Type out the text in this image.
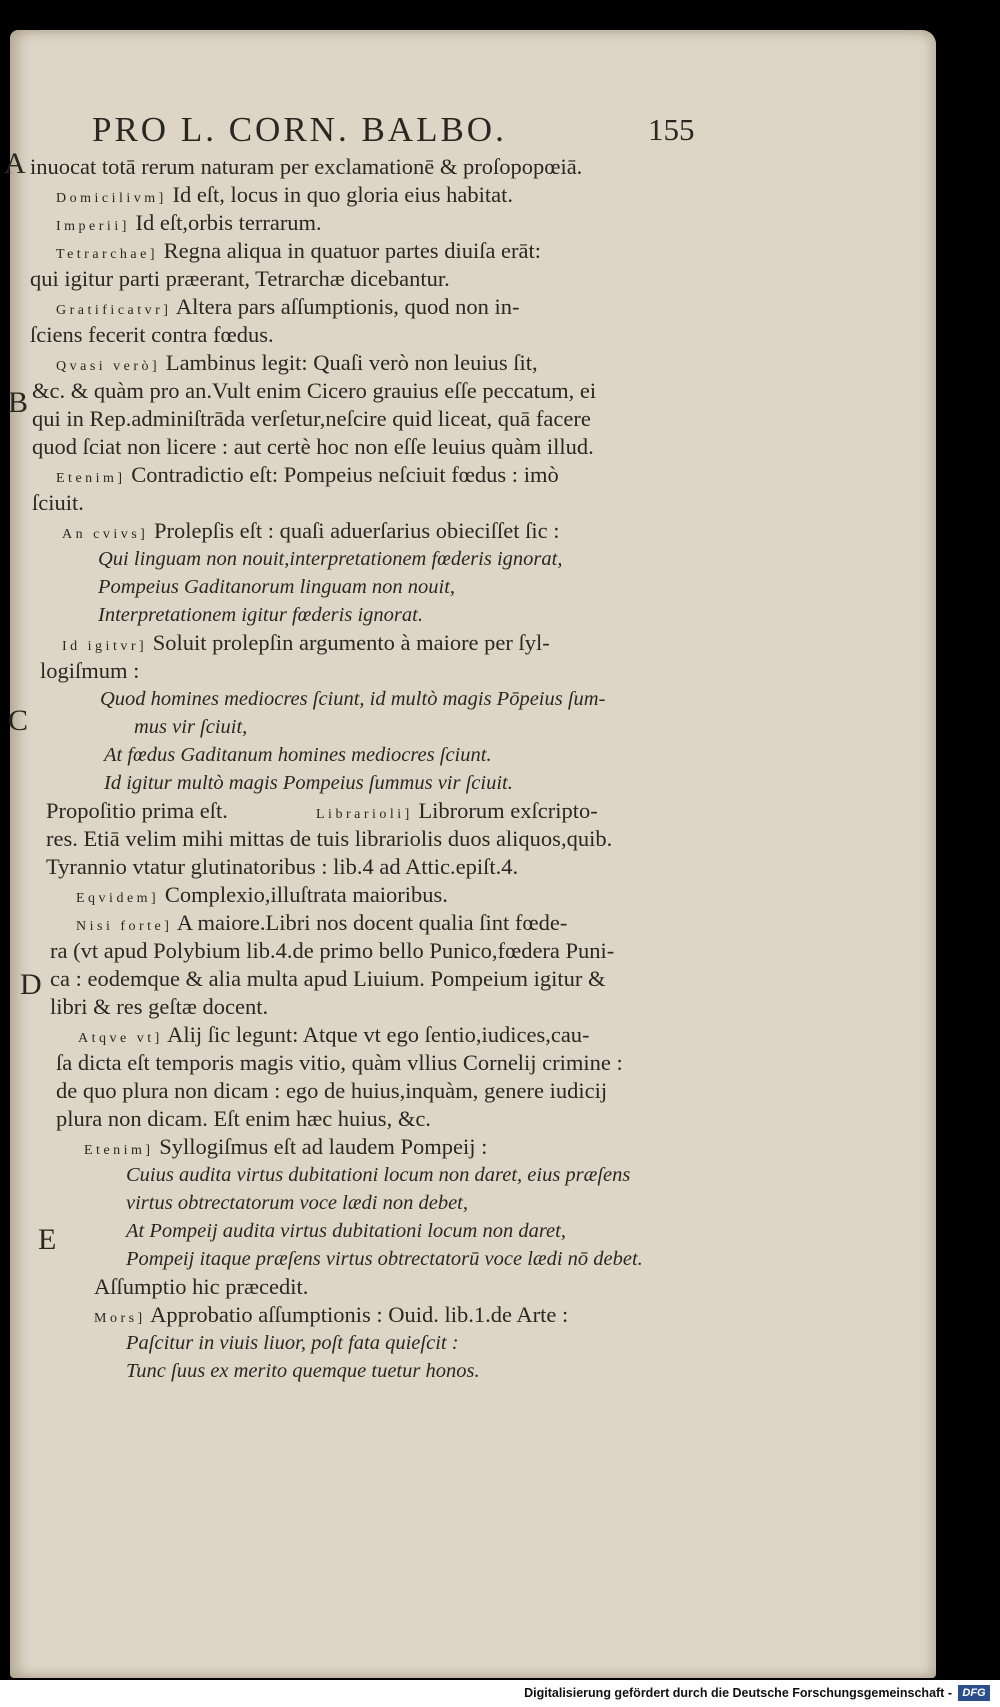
PRO L. CORN. BALBO.	155
A
B
C
D
E
inuocat totā rerum naturam per exclamationē & proſopopœiā.
Domicilivm] Id eſt, locus in quo gloria eius habitat.
Imperii] Id eſt,orbis terrarum.
Tetrarchae] Regna aliqua in quatuor partes diuiſa erāt:
qui igitur parti præerant, Tetrarchæ dicebantur.
Gratificatvr] Altera pars aſſumptionis, quod non in-
ſciens fecerit contra fœdus.
Qvasi verò] Lambinus legit: Quaſi verò non leuius ſit,
&c. & quàm pro an.Vult enim Cicero grauius eſſe peccatum, ei
qui in Rep.adminiſtrāda verſetur,neſcire quid liceat, quā facere
quod ſciat non licere : aut certè hoc non eſſe leuius quàm illud.
Etenim] Contradictio eſt: Pompeius neſciuit fœdus : imò
ſciuit.
An cvivs] Prolepſis eſt : quaſi aduerſarius obieciſſet ſic :
Qui linguam non nouit,interpretationem fœderis ignorat,
Pompeius Gaditanorum linguam non nouit,
Interpretationem igitur fœderis ignorat.
Id igitvr] Soluit prolepſin argumento à maiore per ſyl-
logiſmum :
Quod homines mediocres ſciunt, id multò magis Pōpeius ſum-
mus vir ſciuit,
At fœdus Gaditanum homines mediocres ſciunt.
Id igitur multò magis Pompeius ſummus vir ſciuit.
Propoſitio prima eſt.	Librarioli] Librorum exſcripto-
res. Etiā velim mihi mittas de tuis librariolis duos aliquos,quib.
Tyrannio vtatur glutinatoribus : lib.4 ad Attic.epiſt.4.
Eqvidem] Complexio,illuſtrata maioribus.
Nisi forte] A maiore.Libri nos docent qualia ſint fœde-
ra (vt apud Polybium lib.4.de primo bello Punico,fœdera Puni-
ca : eodemque & alia multa apud Liuium. Pompeium igitur &
libri & res geſtæ docent.
Atqve vt] Alij ſic legunt: Atque vt ego ſentio,iudices,cau-
ſa dicta eſt temporis magis vitio, quàm vllius Cornelij crimine :
de quo plura non dicam : ego de huius,inquàm, genere iudicij
plura non dicam. Eſt enim hæc huius, &c.
Etenim] Syllogiſmus eſt ad laudem Pompeij :
Cuius audita virtus dubitationi locum non daret, eius præſens
virtus obtrectatorum voce lædi non debet,
At Pompeij audita virtus dubitationi locum non daret,
Pompeij itaque præſens virtus obtrectatorū voce lædi nō debet.
Aſſumptio hic præcedit.
Mors] Approbatio aſſumptionis : Ouid. lib.1.de Arte :
Paſcitur in viuis liuor, poſt fata quieſcit :
Tunc ſuus ex merito quemque tuetur honos.
Digitalisierung gefördert durch die Deutsche Forschungsgemeinschaft - DFG
